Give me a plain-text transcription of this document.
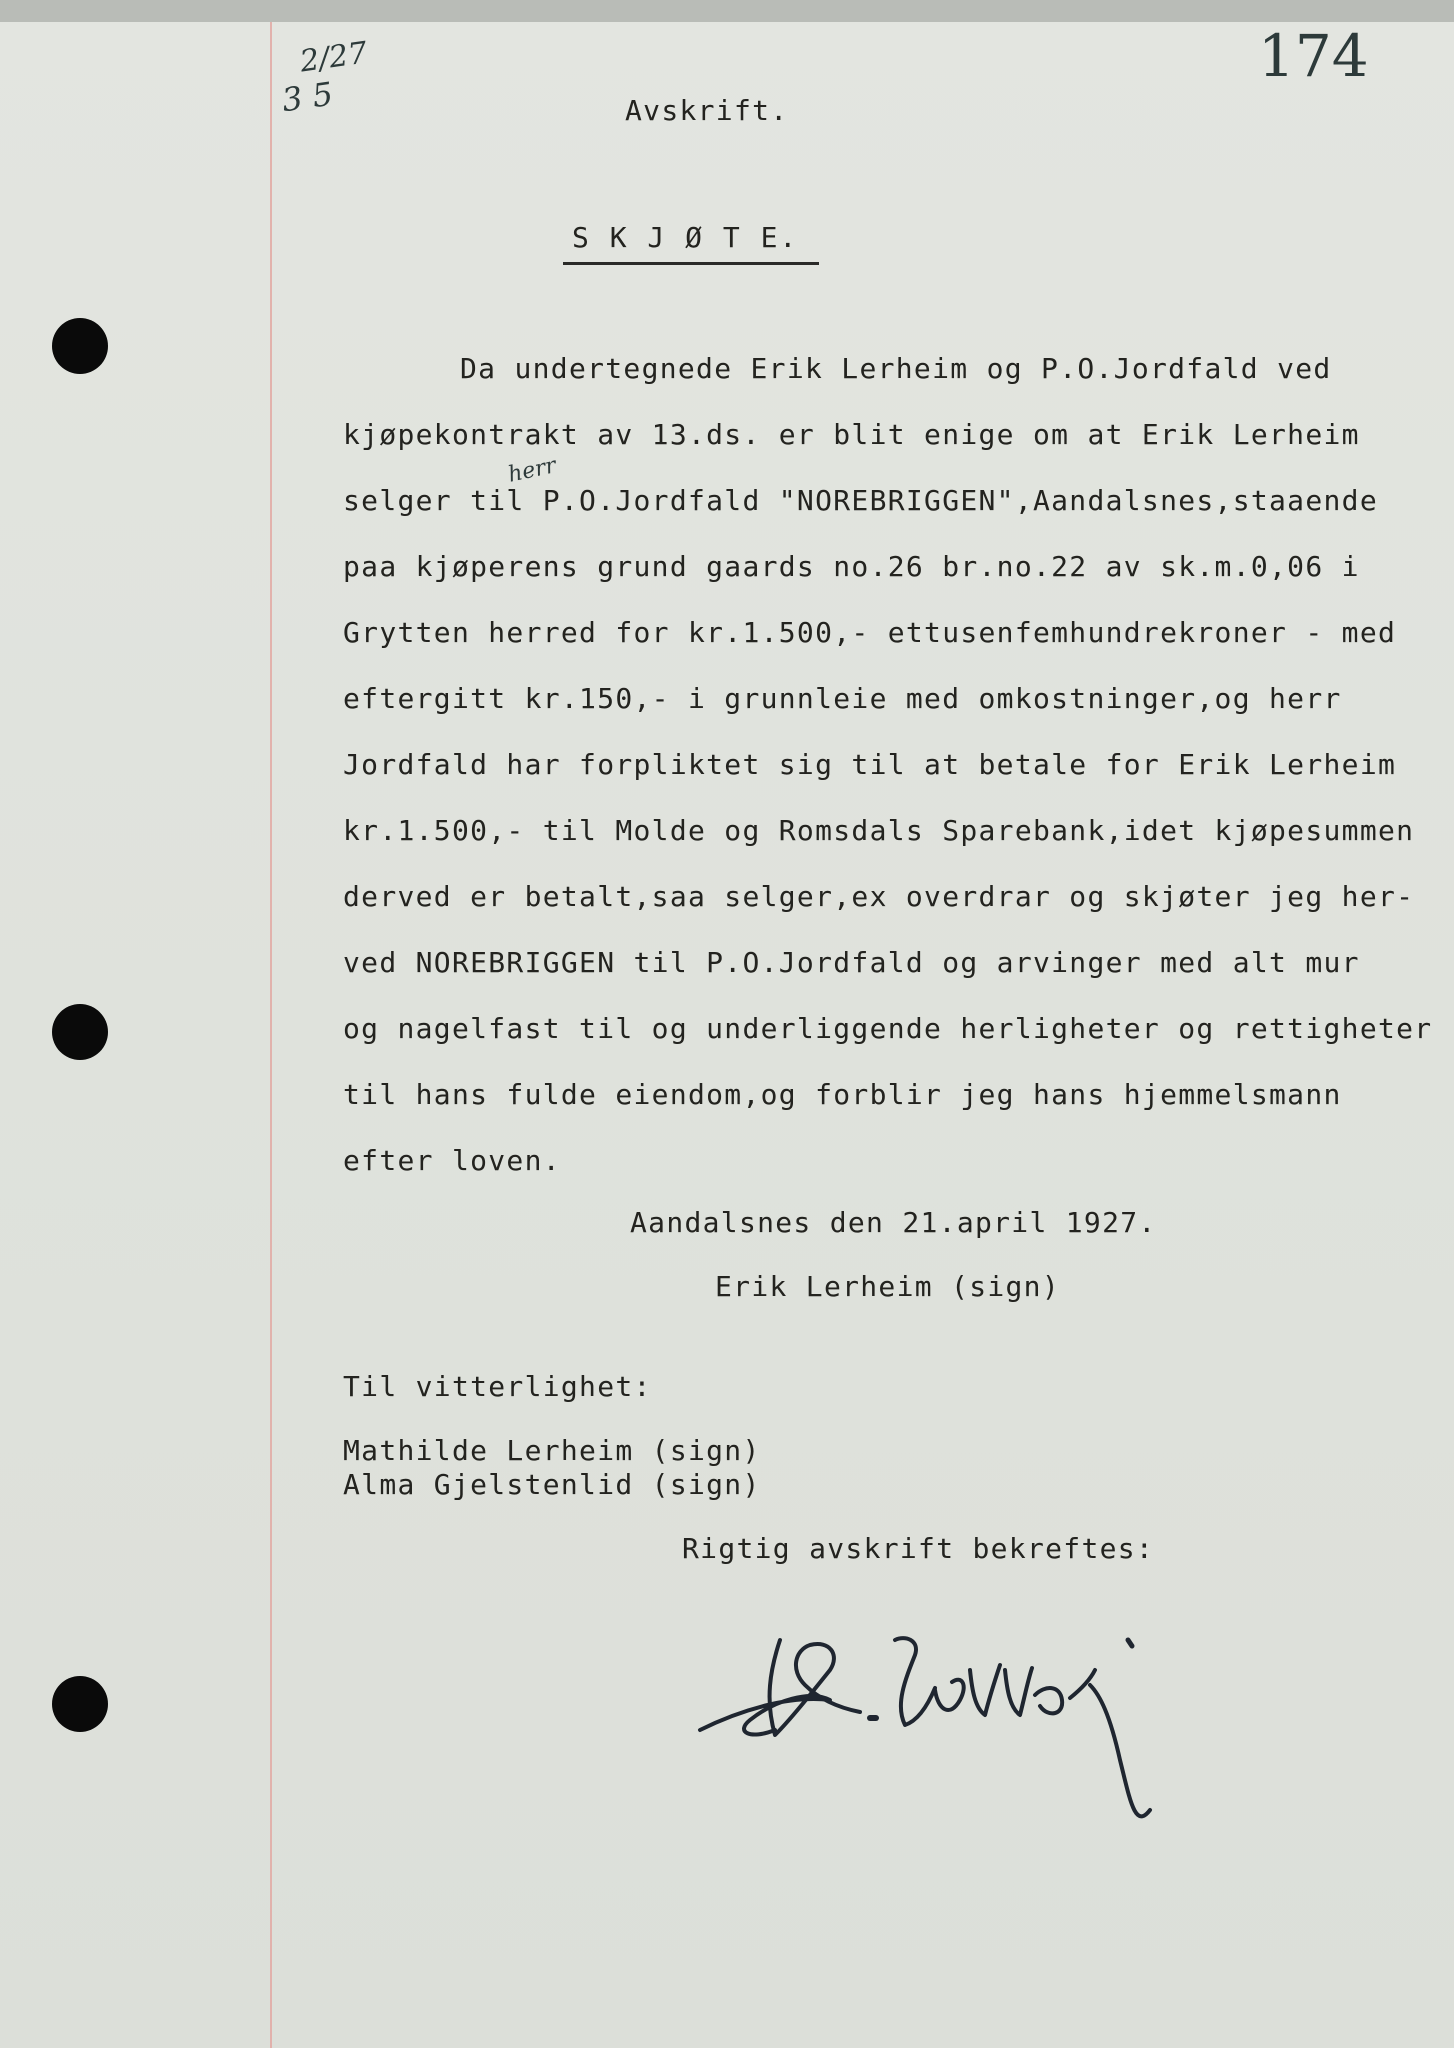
2/27
3 5
174
Avskrift.
S K J Ø T E.
herr
Da undertegnede Erik Lerheim og P.O.Jordfald ved
kjøpekontrakt av 13.ds. er blit enige om at Erik Lerheim
selger til P.O.Jordfald "NOREBRIGGEN",Aandalsnes,staaende
paa kjøperens grund gaards no.26 br.no.22 av sk.m.0,06 i
Grytten herred for kr.1.500,- ettusenfemhundrekroner - med
eftergitt kr.150,- i grunnleie med omkostninger,og herr
Jordfald har forpliktet sig til at betale for Erik Lerheim
kr.1.500,- til Molde og Romsdals Sparebank,idet kjøpesummen
derved er betalt,saa selger,ex overdrar og skjøter jeg her-
ved NOREBRIGGEN til P.O.Jordfald og arvinger med alt mur
og nagelfast til og underliggende herligheter og rettigheter
til hans fulde eiendom,og forblir jeg hans hjemmelsmann
efter loven.
Aandalsnes den 21.april 1927.
Erik Lerheim (sign)
Til vitterlighet:
Mathilde Lerheim (sign)
Alma Gjelstenlid (sign)
Rigtig avskrift bekreftes:
